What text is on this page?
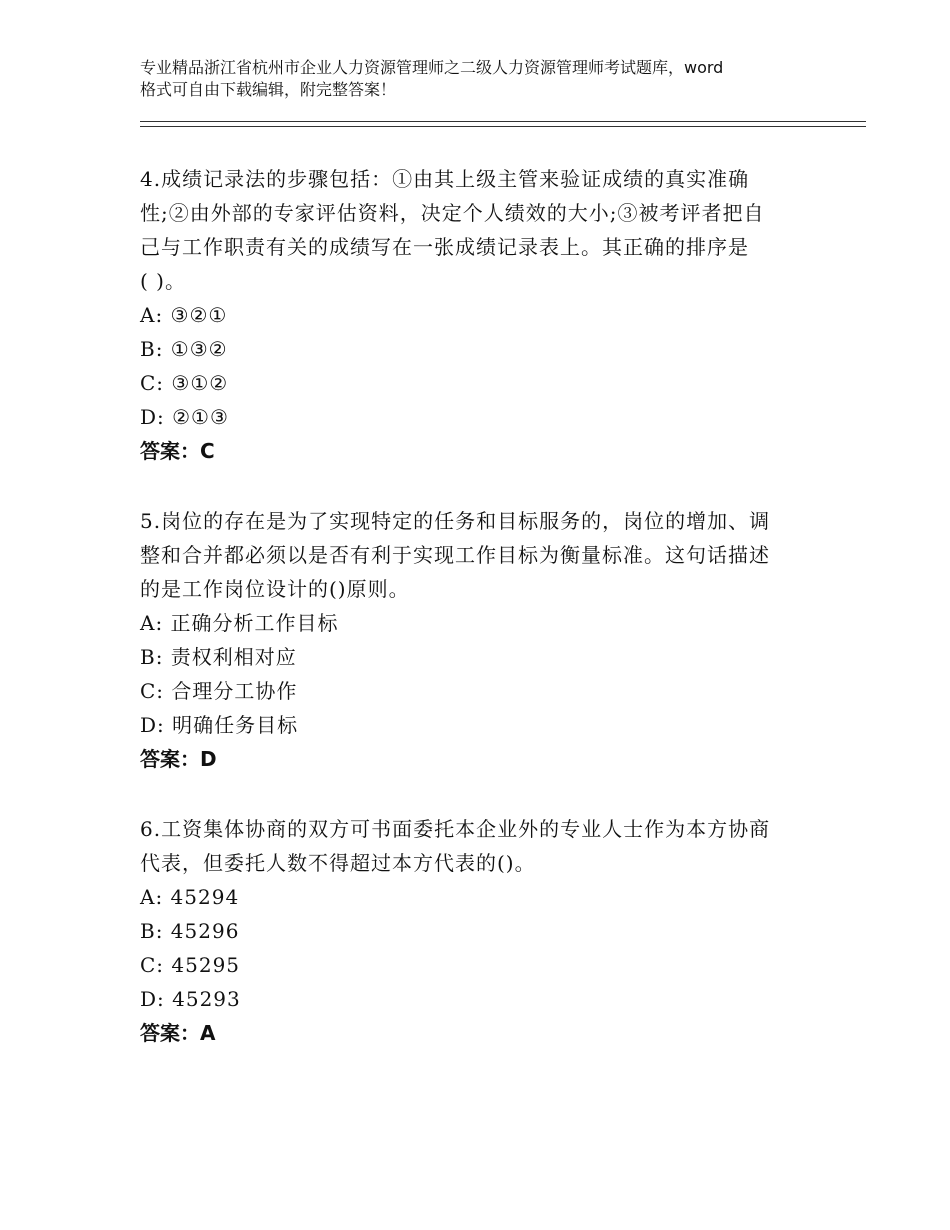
专业精品浙江省杭州市企业人力资源管理师之二级人力资源管理师考试题库，word
格式可自由下载编辑，附完整答案！
4.成绩记录法的步骤包括：①由其上级主管来验证成绩的真实准确
性;②由外部的专家评估资料，决定个人绩效的大小;③被考评者把自
己与工作职责有关的成绩写在一张成绩记录表上。其正确的排序是
( )。
A: ③②①
B: ①③②
C: ③①②
D: ②①③
答案：C
5.岗位的存在是为了实现特定的任务和目标服务的，岗位的增加、调
整和合并都必须以是否有利于实现工作目标为衡量标准。这句话描述
的是工作岗位设计的()原则。
A: 正确分析工作目标
B: 责权利相对应
C: 合理分工协作
D: 明确任务目标
答案：D
6.工资集体协商的双方可书面委托本企业外的专业人士作为本方协商
代表，但委托人数不得超过本方代表的()。
A: 45294
B: 45296
C: 45295
D: 45293
答案：A
